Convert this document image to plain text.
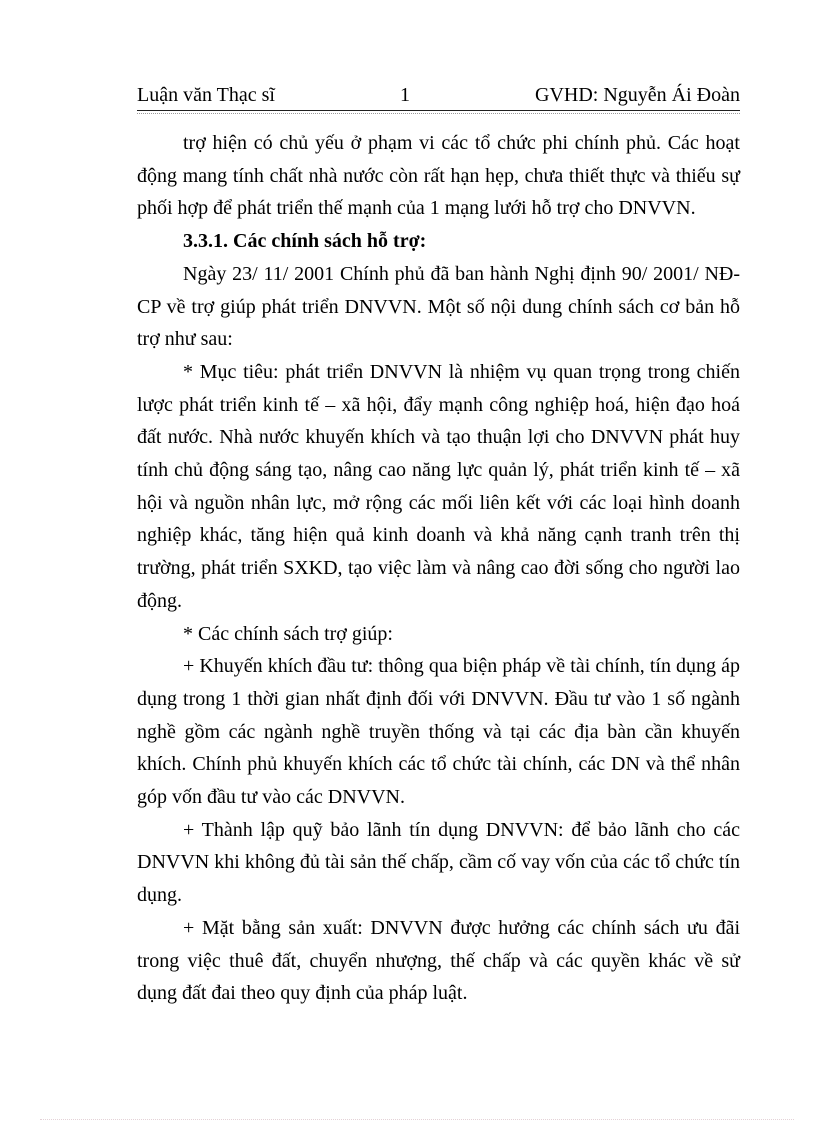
Luận văn Thạc sĩ	1	GVHD: Nguyễn Ái Đoàn

trợ hiện có chủ yếu ở phạm vi các tổ chức phi chính phủ. Các hoạt động mang tính chất nhà nước còn rất hạn hẹp, chưa thiết thực và thiếu sự phối hợp để phát triển thế mạnh của 1 mạng lưới hỗ trợ cho DNVVN.

3.3.1. Các chính sách hỗ trợ:

Ngày 23/ 11/ 2001 Chính phủ đã ban hành Nghị định 90/ 2001/ NĐ-CP về trợ giúp phát triển DNVVN. Một số nội dung chính sách cơ bản hỗ trợ như sau:

* Mục tiêu: phát triển DNVVN là nhiệm vụ quan trọng trong chiến lược phát triển kinh tế – xã hội, đẩy mạnh công nghiệp hoá, hiện đạo hoá đất nước. Nhà nước khuyến khích và tạo thuận lợi cho DNVVN phát huy tính chủ động sáng tạo, nâng cao năng lực quản lý, phát triển kinh tế – xã hội và nguồn nhân lực, mở rộng các mối liên kết với các loại hình doanh nghiệp khác, tăng hiện quả kinh doanh và khả năng cạnh tranh trên thị trường, phát triển SXKD, tạo việc làm và nâng cao đời sống cho người lao động.

* Các chính sách trợ giúp:

+ Khuyến khích đầu tư: thông qua biện pháp về tài chính, tín dụng áp dụng trong 1 thời gian nhất định đối với DNVVN. Đầu tư vào 1 số ngành nghề gồm các ngành nghề truyền thống và tại các địa bàn cần khuyến khích. Chính phủ khuyến khích các tổ chức tài chính, các DN và thể nhân góp vốn đầu tư vào các DNVVN.

+ Thành lập quỹ bảo lãnh tín dụng DNVVN: để bảo lãnh cho các DNVVN khi không đủ tài sản thế chấp, cầm cố vay vốn của các tổ chức tín dụng.

+ Mặt bằng sản xuất: DNVVN được hưởng các chính sách ưu đãi trong việc thuê đất, chuyển nhượng, thế chấp và các quyền khác về sử dụng đất đai theo quy định của pháp luật.
